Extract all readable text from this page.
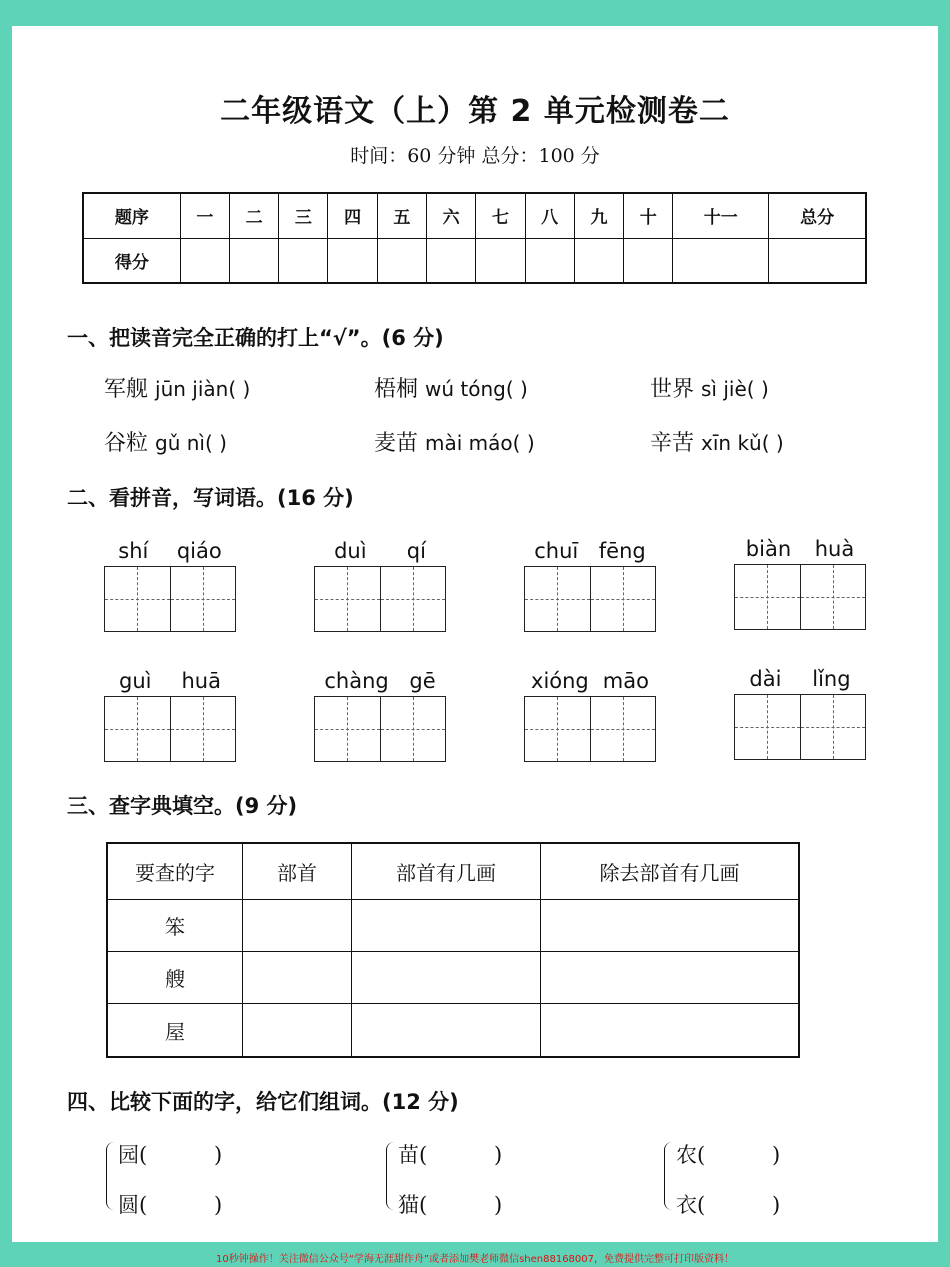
二年级语文（上）第 2 单元检测卷二
时间：60 分钟 总分：100 分
题序	一	二	三	四	五	六	七	八	九	十	十一	总分
得分												
一、把读音完全正确的打上“√”。(6 分)
军舰 jūn jiàn( )	梧桐 wú tóng( )	世界 sì jiè( )
谷粒 gǔ nì( )	麦苗 mài máo( )	辛苦 xīn kǔ( )
二、看拼音，写词语。(16 分)
shí qiáo	duì qí	chuī fēng	biàn huà
guì huā	chàng gē	xióng māo	dài lǐng
三、查字典填空。(9 分)
要查的字	部首	部首有几画	除去部首有几画
笨			
艘			
屋			
四、比较下面的字，给它们组词。(12 分)
园(          )
圆(          )
苗(          )
猫(          )
农(          )
衣(          )
10秒钟操作！关注微信公众号“学海无涯甜作舟”或者添加樊老师微信shen88168007，免费提供完整可打印版资料！
